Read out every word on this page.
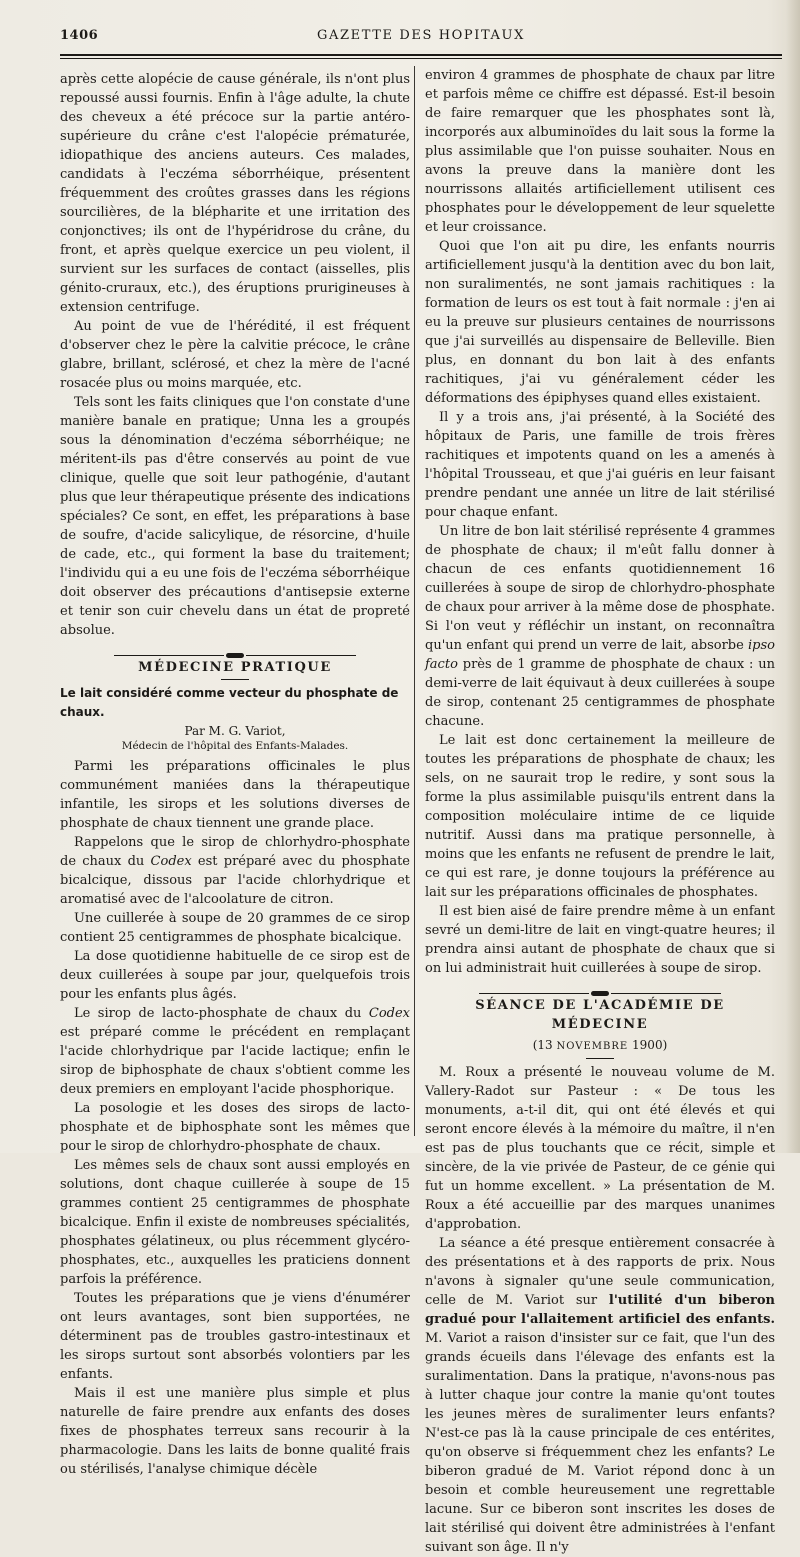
1406	GAZETTE DES HOPITAUX

après cette alopécie de cause générale, ils n'ont plus repoussé aussi fournis. Enfin à l'âge adulte, la chute des cheveux a été précoce sur la partie antéro-supérieure du crâne c'est l'alopécie prématurée, idiopathique des anciens auteurs. Ces malades, candidats à l'eczéma séborrhéique, présentent fréquemment des croûtes grasses dans les régions sourcilières, de la blépharite et une irritation des conjonctives; ils ont de l'hypéridrose du crâne, du front, et après quelque exercice un peu violent, il survient sur les surfaces de contact (aisselles, plis génito-cruraux, etc.), des éruptions prurigineuses à extension centrifuge.

Au point de vue de l'hérédité, il est fréquent d'observer chez le père la calvitie précoce, le crâne glabre, brillant, sclérosé, et chez la mère de l'acné rosacée plus ou moins marquée, etc.

Tels sont les faits cliniques que l'on constate d'une manière banale en pratique; Unna les a groupés sous la dénomination d'eczéma séborrhéique; ne méritent-ils pas d'être conservés au point de vue clinique, quelle que soit leur pathogénie, d'autant plus que leur thérapeutique présente des indications spéciales? Ce sont, en effet, les préparations à base de soufre, d'acide salicylique, de résorcine, d'huile de cade, etc., qui forment la base du traitement; l'individu qui a eu une fois de l'eczéma séborrhéique doit observer des précautions d'antisepsie externe et tenir son cuir chevelu dans un état de propreté absolue.

MÉDECINE PRATIQUE
Le lait considéré comme vecteur du phosphate de chaux.
Par M. G. Variot,
Médecin de l'hôpital des Enfants-Malades.

Parmi les préparations officinales le plus communément maniées dans la thérapeutique infantile, les sirops et les solutions diverses de phosphate de chaux tiennent une grande place.

Rappelons que le sirop de chlorhydro-phosphate de chaux du Codex est préparé avec du phosphate bicalcique, dissous par l'acide chlorhydrique et aromatisé avec de l'alcoolature de citron.

Une cuillerée à soupe de 20 grammes de ce sirop contient 25 centigrammes de phosphate bicalcique.

La dose quotidienne habituelle de ce sirop est de deux cuillerées à soupe par jour, quelquefois trois pour les enfants plus âgés.

Le sirop de lacto-phosphate de chaux du Codex est préparé comme le précédent en remplaçant l'acide chlorhydrique par l'acide lactique; enfin le sirop de biphosphate de chaux s'obtient comme les deux premiers en employant l'acide phosphorique.

La posologie et les doses des sirops de lacto-phosphate et de biphosphate sont les mêmes que pour le sirop de chlorhydro-phosphate de chaux.

Les mêmes sels de chaux sont aussi employés en solutions, dont chaque cuillerée à soupe de 15 grammes contient 25 centigrammes de phosphate bicalcique. Enfin il existe de nombreuses spécialités, phosphates gélatineux, ou plus récemment glycéro-phosphates, etc., auxquelles les praticiens donnent parfois la préférence.

Toutes les préparations que je viens d'énumérer ont leurs avantages, sont bien supportées, ne déterminent pas de troubles gastro-intestinaux et les sirops surtout sont absorbés volontiers par les enfants.

Mais il est une manière plus simple et plus naturelle de faire prendre aux enfants des doses fixes de phosphates terreux sans recourir à la pharmacologie. Dans les laits de bonne qualité frais ou stérilisés, l'analyse chimique décèle

environ 4 grammes de phosphate de chaux par litre et parfois même ce chiffre est dépassé. Est-il besoin de faire remarquer que les phosphates sont là, incorporés aux albuminoïdes du lait sous la forme la plus assimilable que l'on puisse souhaiter. Nous en avons la preuve dans la manière dont les nourrissons allaités artificiellement utilisent ces phosphates pour le développement de leur squelette et leur croissance.

Quoi que l'on ait pu dire, les enfants nourris artificiellement jusqu'à la dentition avec du bon lait, non suralimentés, ne sont jamais rachitiques : la formation de leurs os est tout à fait normale : j'en ai eu la preuve sur plusieurs centaines de nourrissons que j'ai surveillés au dispensaire de Belleville. Bien plus, en donnant du bon lait à des enfants rachitiques, j'ai vu généralement céder les déformations des épiphyses quand elles existaient.

Il y a trois ans, j'ai présenté, à la Société des hôpitaux de Paris, une famille de trois frères rachitiques et impotents quand on les a amenés à l'hôpital Trousseau, et que j'ai guéris en leur faisant prendre pendant une année un litre de lait stérilisé pour chaque enfant.

Un litre de bon lait stérilisé représente 4 grammes de phosphate de chaux; il m'eût fallu donner à chacun de ces enfants quotidiennement 16 cuillerées à soupe de sirop de chlorhydro-phosphate de chaux pour arriver à la même dose de phosphate. Si l'on veut y réfléchir un instant, on reconnaîtra qu'un enfant qui prend un verre de lait, absorbe ipso facto près de 1 gramme de phosphate de chaux : un demi-verre de lait équivaut à deux cuillerées à soupe de sirop, contenant 25 centigrammes de phosphate chacune.

Le lait est donc certainement la meilleure de toutes les préparations de phosphate de chaux; les sels, on ne saurait trop le redire, y sont sous la forme la plus assimilable puisqu'ils entrent dans la composition moléculaire intime de ce liquide nutritif. Aussi dans ma pratique personnelle, à moins que les enfants ne refusent de prendre le lait, ce qui est rare, je donne toujours la préférence au lait sur les préparations officinales de phosphates.

Il est bien aisé de faire prendre même à un enfant sevré un demi-litre de lait en vingt-quatre heures; il prendra ainsi autant de phosphate de chaux que si on lui administrait huit cuillerées à soupe de sirop.

SÉANCE DE L'ACADÉMIE DE MÉDECINE
(13 NOVEMBRE 1900)

M. Roux a présenté le nouveau volume de M. Vallery-Radot sur Pasteur : « De tous les monuments, a-t-il dit, qui ont été élevés et qui seront encore élevés à la mémoire du maître, il n'en est pas de plus touchants que ce récit, simple et sincère, de la vie privée de Pasteur, de ce génie qui fut un homme excellent. » La présentation de M. Roux a été accueillie par des marques unanimes d'approbation.

La séance a été presque entièrement consacrée à des présentations et à des rapports de prix. Nous n'avons à signaler qu'une seule communication, celle de M. Variot sur l'utilité d'un biberon gradué pour l'allaitement artificiel des enfants. M. Variot a raison d'insister sur ce fait, que l'un des grands écueils dans l'élevage des enfants est la suralimentation. Dans la pratique, n'avons-nous pas à lutter chaque jour contre la manie qu'ont toutes les jeunes mères de suralimenter leurs enfants? N'est-ce pas là la cause principale de ces entérites, qu'on observe si fréquemment chez les enfants? Le biberon gradué de M. Variot répond donc à un besoin et comble heureusement une regrettable lacune. Sur ce biberon sont inscrites les doses de lait stérilisé qui doivent être administrées à l'enfant suivant son âge. Il n'y
